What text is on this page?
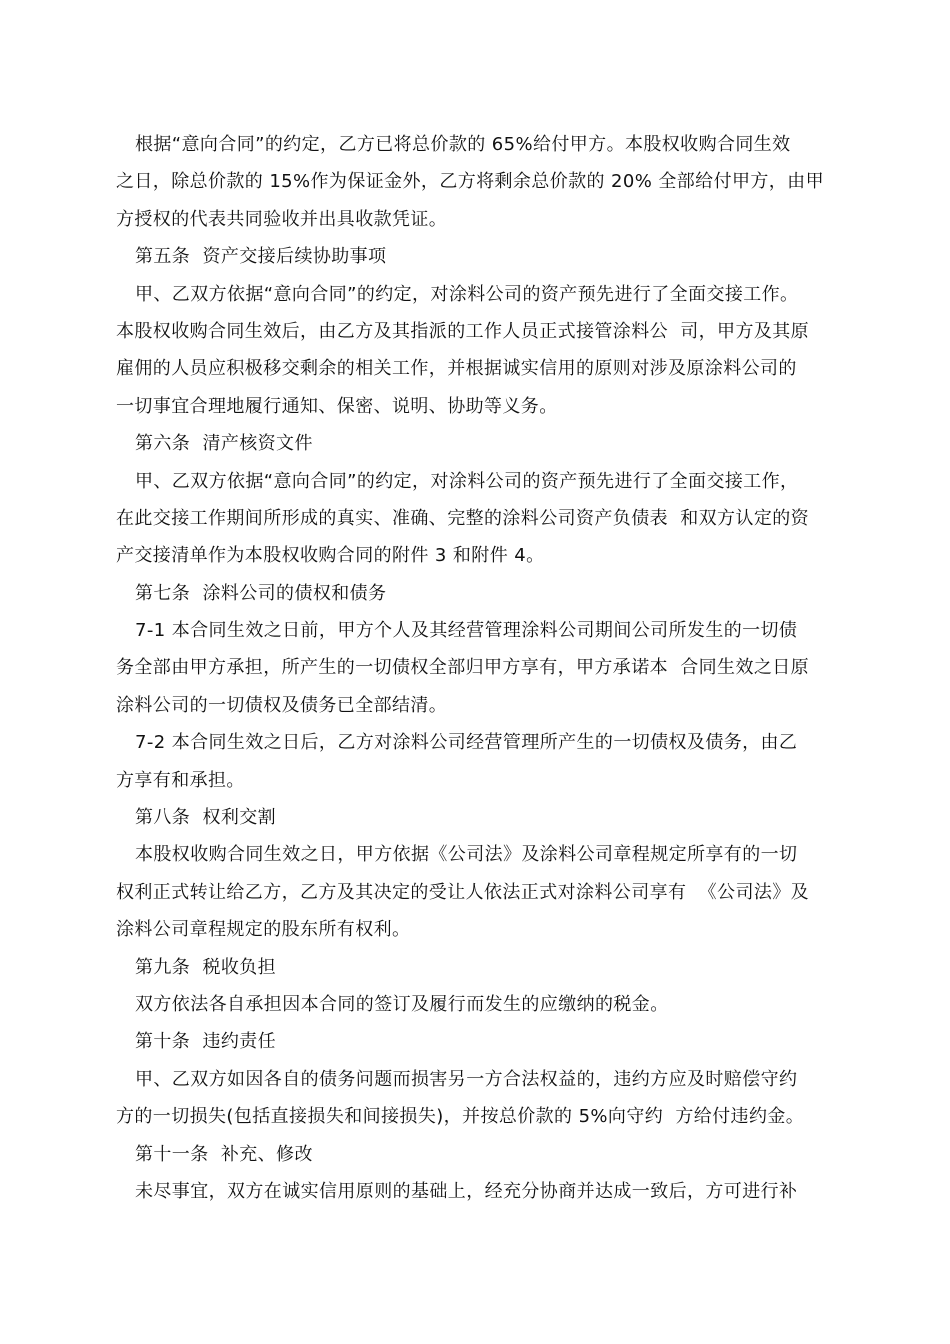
根据“意向合同”的约定，乙方已将总价款的 65%给付甲方。本股权收购合同生效
之日，除总价款的 15%作为保证金外，乙方将剩余总价款的 20% 全部给付甲方，由甲
方授权的代表共同验收并出具收款凭证。
第五条  资产交接后续协助事项
甲、乙双方依据“意向合同”的约定，对涂料公司的资产预先进行了全面交接工作。
本股权收购合同生效后，由乙方及其指派的工作人员正式接管涂料公  司，甲方及其原
雇佣的人员应积极移交剩余的相关工作，并根据诚实信用的原则对涉及原涂料公司的
一切事宜合理地履行通知、保密、说明、协助等义务。
第六条  清产核资文件
甲、乙双方依据“意向合同”的约定，对涂料公司的资产预先进行了全面交接工作，
在此交接工作期间所形成的真实、准确、完整的涂料公司资产负债表  和双方认定的资
产交接清单作为本股权收购合同的附件 3 和附件 4。
第七条  涂料公司的债权和债务
7-1 本合同生效之日前，甲方个人及其经营管理涂料公司期间公司所发生的一切债
务全部由甲方承担，所产生的一切债权全部归甲方享有，甲方承诺本  合同生效之日原
涂料公司的一切债权及债务已全部结清。
7-2 本合同生效之日后，乙方对涂料公司经营管理所产生的一切债权及债务，由乙
方享有和承担。
第八条  权利交割
本股权收购合同生效之日，甲方依据《公司法》及涂料公司章程规定所享有的一切
权利正式转让给乙方，乙方及其决定的受让人依法正式对涂料公司享有  《公司法》及
涂料公司章程规定的股东所有权利。
第九条  税收负担
双方依法各自承担因本合同的签订及履行而发生的应缴纳的税金。
第十条  违约责任
甲、乙双方如因各自的债务问题而损害另一方合法权益的，违约方应及时赔偿守约
方的一切损失(包括直接损失和间接损失)，并按总价款的 5%向守约  方给付违约金。
第十一条  补充、修改
未尽事宜，双方在诚实信用原则的基础上，经充分协商并达成一致后，方可进行补
